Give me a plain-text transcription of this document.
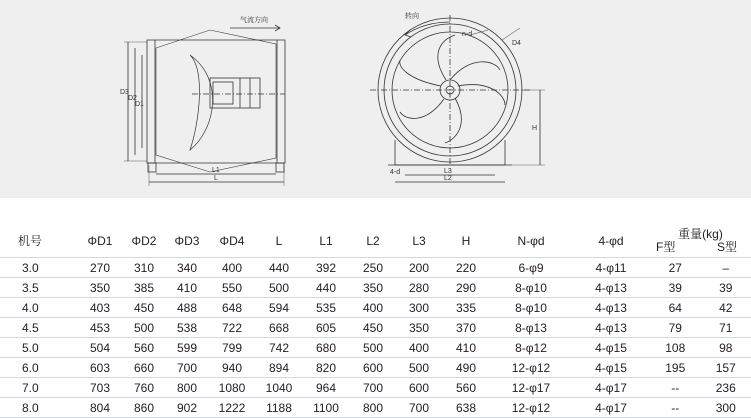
气流方向
D3
D2
D1
L1
L
转向
n-d
D4
H
4-d	L3
L2
机号	ΦD1	ΦD2	ΦD3	ΦD4	L	L1	L2	L3	H	N-φd	4-φd	重量(kg)
F型 S型	

3.0	270	310	340	400	440	392	250	200	220	6-φ9	4-φ11	27	–
3.5	350	385	410	550	500	440	350	280	290	8-φ10	4-φ13	39	39
4.0	403	450	488	648	594	535	400	300	335	8-φ10	4-φ13	64	42
4.5	453	500	538	722	668	605	450	350	370	8-φ13	4-φ13	79	71
5.0	504	560	599	799	742	680	500	400	410	8-φ12	4-φ15	108	98
6.0	603	660	700	940	894	820	600	500	490	12-φ12	4-φ15	195	157
7.0	703	760	800	1080	1040	964	700	600	560	12-φ17	4-φ17	--	236
8.0	804	860	902	1222	1188	1100	800	700	638	12-φ12	4-φ17	--	300
